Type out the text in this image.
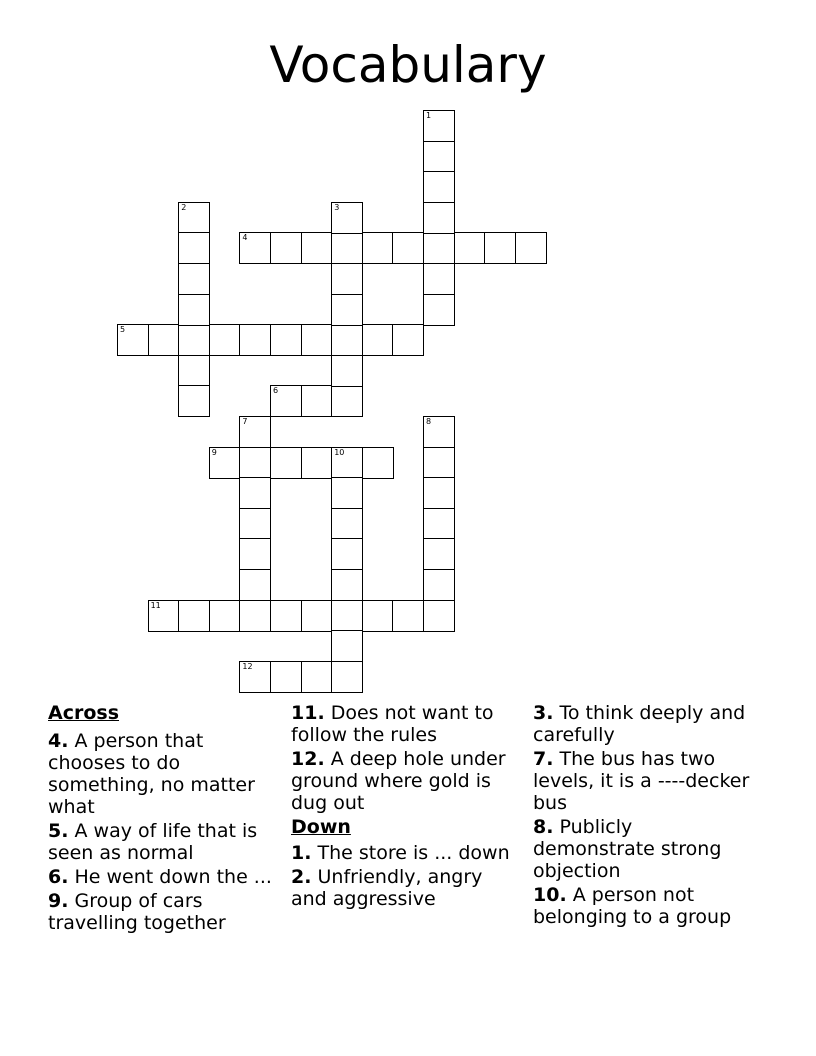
Vocabulary
4
5
6
9	10
11
12
1
2	3
7	8
Across
4. A person that chooses to do something, no matter what
5. A way of life that is seen as normal
6. He went down the ...
9. Group of cars travelling together
11. Does not want to follow the rules
12. A deep hole under ground where gold is dug out
Down
1. The store is ... down
2. Unfriendly, angry and aggressive
3. To think deeply and carefully
7. The bus has two levels, it is a ----decker bus
8. Publicly demonstrate strong objection
10. A person not belonging to a group
